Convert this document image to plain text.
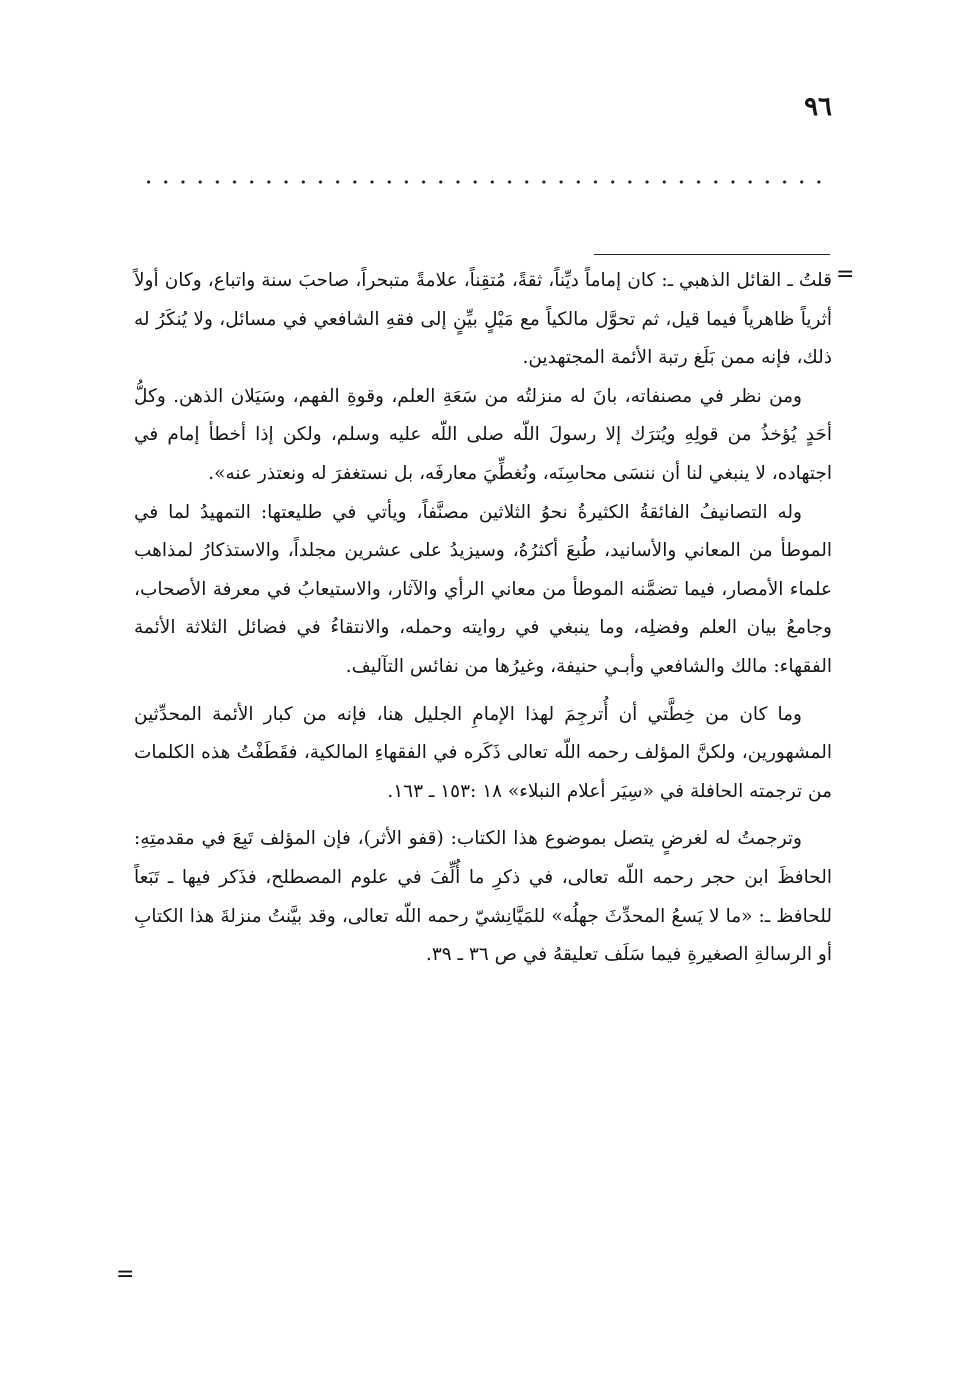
٩٦
=

قلتُ ـ القائل الذهبي ـ: كان إماماً ديِّناً، ثقةً، مُتقِناً، علامةً متبحراً، صاحبَ سنة واتباع، وكان أولاً أثرياً ظاهرياً فيما قيل، ثم تحوَّل مالكياً مع مَيْلٍ بيِّنٍ إلى فقهِ الشافعي في مسائل، ولا يُنكَرُ له ذلك، فإنه ممن بَلَغ رتبة الأئمة المجتهدين.

ومن نظر في مصنفاته، بانَ له منزلتُه من سَعَةِ العلم، وقوةِ الفهم، وسَيَلان الذهن. وكلُّ أحَدٍ يُؤخذُ من قولِهِ ويُترَك إلا رسولَ اللّه صلى اللّه عليه وسلم، ولكن إذا أخطأ إمام في اجتهاده، لا ينبغي لنا أن ننسَى محاسِنَه، ونُغطِّيَ معارفَه، بل نستغفرَ له ونعتذر عنه».

وله التصانيفُ الفائقةُ الكثيرةُ نحوُ الثلاثين مصنَّفاً، ويأتي في طليعتها: التمهيدُ لما في الموطأ من المعاني والأسانيد، طُبعَ أكثرُهُ، وسيزيدُ على عشرين مجلداً، والاستذكارُ لمذاهب علماء الأمصار، فيما تضمَّنه الموطأ من معاني الرأي والآثار، والاستيعابُ في معرفة الأصحاب، وجامعُ بيان العلم وفضلِه، وما ينبغي في روايته وحمله، والانتقاءُ في فضائل الثلاثة الأئمة الفقهاء: مالك والشافعي وأبـي حنيفة، وغيرُها من نفائس التآليف.

وما كان من خِطَّتي أن أُترجِمَ لهذا الإمامِ الجليل هنا، فإنه من كبار الأئمة المحدِّثين المشهورين، ولكنَّ المؤلف رحمه اللّه تعالى ذَكَره في الفقهاءِ المالكية، فقَطَفْتُ هذه الكلمات من ترجمته الحافلة في «سِيَر أعلام النبلاء» ١٨ :١٥٣ ـ ١٦٣.

وترجمتُ له لغرضٍ يتصل بموضوع هذا الكتاب: (قفو الأثر)، فإن المؤلف تَبِعَ في مقدمتِهِ: الحافظَ ابن حجر رحمه اللّه تعالى، في ذكرِ ما أُلِّفَ في علوم المصطلح، فذَكر فيها ـ تَبَعاً للحافظ ـ: «ما لا يَسعُ المحدِّثَ جهلُه» للمَيَّانِشيّ رحمه اللّه تعالى، وقد بيَّنتُ منزلةَ هذا الكتابِ أو الرسالةِ الصغيرةِ فيما سَلَف تعليقهُ في ص ٣٦ ـ ٣٩.

=
